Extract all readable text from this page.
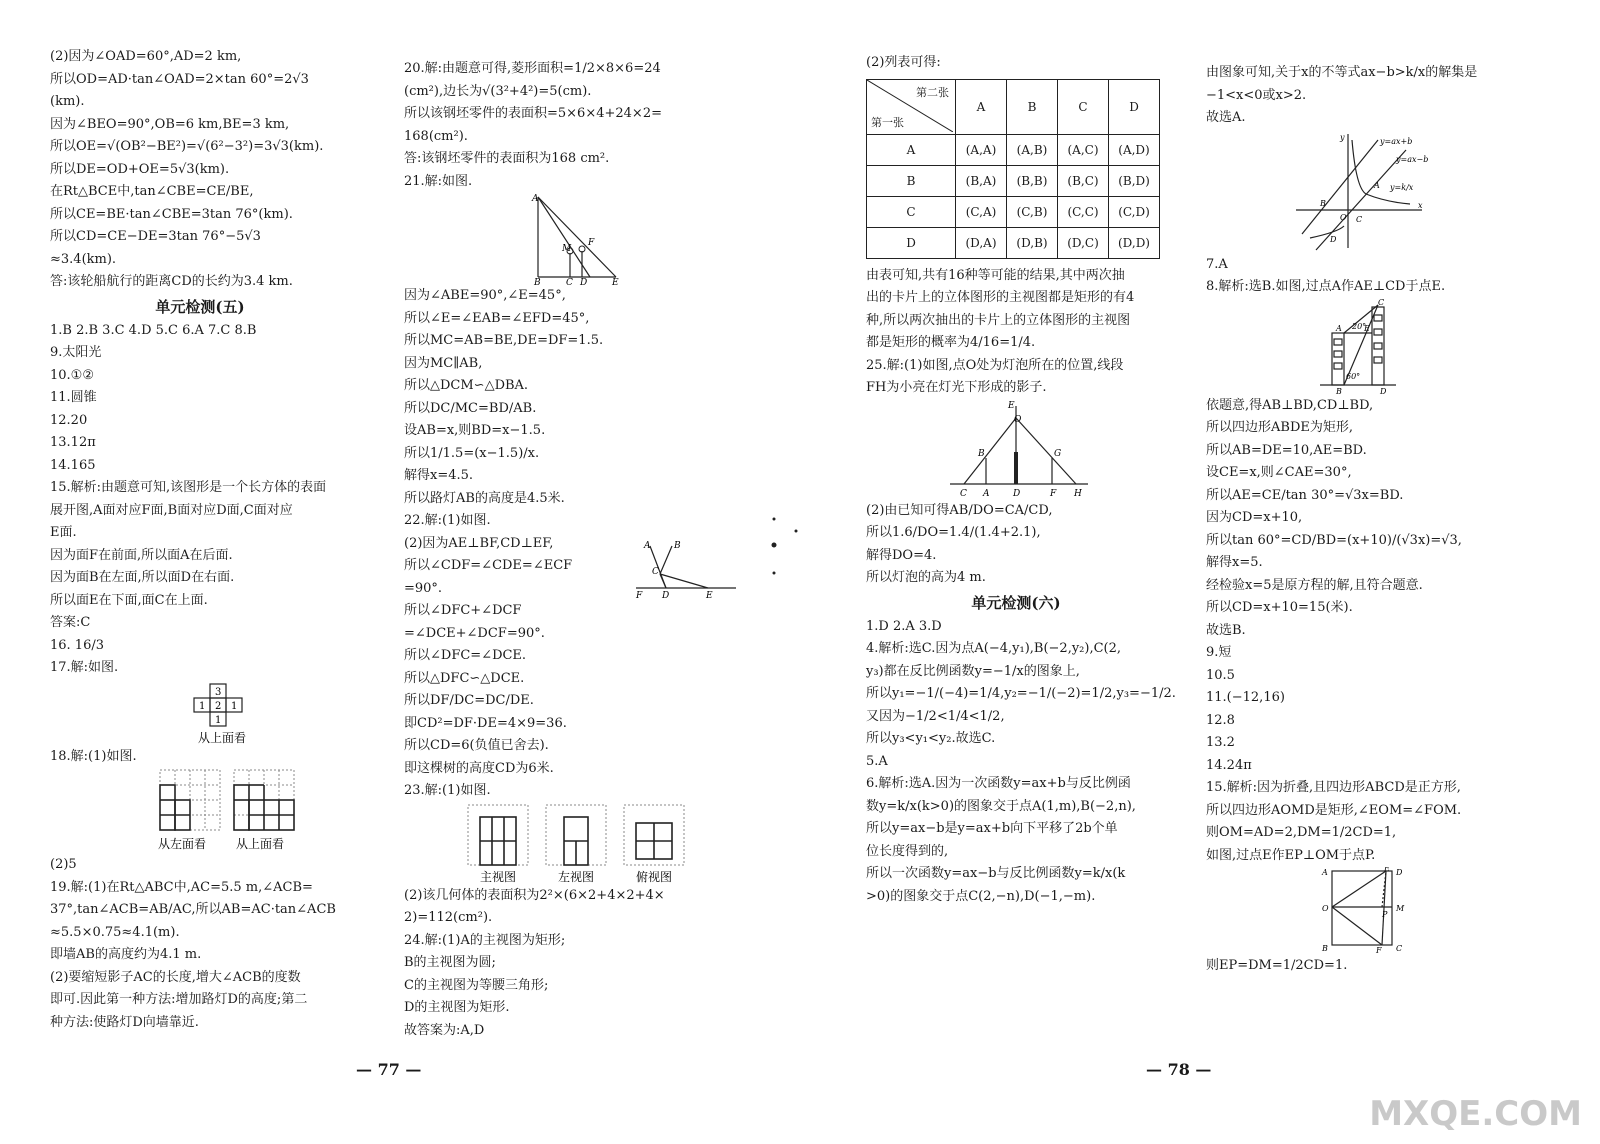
(2)因为∠OAD=60°,AD=2 km,
所以OD=AD·tan∠OAD=2×tan 60°=2√3
(km).
因为∠BEO=90°,OB=6 km,BE=3 km,
所以OE=√(OB²−BE²)=√(6²−3²)=3√3(km).
所以DE=OD+OE=5√3(km).
在Rt△BCE中,tan∠CBE=CE/BE,
所以CE=BE·tan∠CBE=3tan 76°(km).
所以CD=CE−DE=3tan 76°−5√3
≈3.4(km).
答:该轮船航行的距离CD的长约为3.4 km.
单元检测(五)
1.B 2.B 3.C 4.D 5.C 6.A 7.C 8.B
9.太阳光
10.①②
11.圆锥
12.20
13.12π
14.165
15.解析:由题意可知,该图形是一个长方体的表面
展开图,A面对应F面,B面对应D面,C面对应
E面.
因为面F在前面,所以面A在后面.
因为面B在左面,所以面D在右面.
所以面E在下面,面C在上面.
答案:C
16. 16/3
17.解:如图.
3
1 2 1
1
从上面看
18.解:(1)如图.
从左面看 从上面看
(2)5
19.解:(1)在Rt△ABC中,AC=5.5 m,∠ACB=
37°,tan∠ACB=AB/AC,所以AB=AC·tan∠ACB
≈5.5×0.75≈4.1(m).
即墙AB的高度约为4.1 m.
(2)要缩短影子AC的长度,增大∠ACB的度数
即可.因此第一种方法:增加路灯D的高度;第二
种方法:使路灯D向墙靠近.
20.解:由题意可得,菱形面积=1/2×8×6=24
(cm²),边长为√(3²+4²)=5(cm).
所以该钢坯零件的表面积=5×6×4+24×2=
168(cm²).
答:该钢坯零件的表面积为168 cm².
21.解:如图.
A
B	C D	E
M
F
因为∠ABE=90°,∠E=45°,
所以∠E=∠EAB=∠EFD=45°,
所以MC=AB=BE,DE=DF=1.5.
因为MC∥AB,
所以△DCM∽△DBA.
所以DC/MC=BD/AB.
设AB=x,则BD=x−1.5.
所以1/1.5=(x−1.5)/x.
解得x=4.5.
所以路灯AB的高度是4.5米.
22.解:(1)如图.
(2)因为AE⊥BF,CD⊥EF,
所以∠CDF=∠CDE=∠ECF
=90°.
所以∠DFC+∠DCF
=∠DCE+∠DCF=90°.
所以∠DFC=∠DCE.
所以△DFC∽△DCE.
所以DF/DC=DC/DE.
即CD²=DF·DE=4×9=36.
所以CD=6(负值已舍去).
即这棵树的高度CD为6米.
23.解:(1)如图.
主视图	左视图	俯视图
(2)该几何体的表面积为2²×(6×2+4×2+4×
2)=112(cm²).
24.解:(1)A的主视图为矩形;
B的主视图为圆;
C的主视图为等腰三角形;
D的主视图为矩形.
故答案为:A,D
A	B
C
F D	E
— 77 —
(2)列表可得:
第二张
第一张	A	B	C	D
A	(A,A)	(A,B)	(A,C)	(A,D)
B	(B,A)	(B,B)	(B,C)	(B,D)
C	(C,A)	(C,B)	(C,C)	(C,D)
D	(D,A)	(D,B)	(D,C)	(D,D)
由表可知,共有16种等可能的结果,其中两次抽
出的卡片上的立体图形的主视图都是矩形的有4
种,所以两次抽出的卡片上的立体图形的主视图
都是矩形的概率为4/16=1/4.
25.解:(1)如图,点O处为灯泡所在的位置,线段
FH为小亮在灯光下形成的影子.
E
O
B	G
C A	D	F H
(2)由已知可得AB/DO=CA/CD,
所以1.6/DO=1.4/(1.4+2.1),
解得DO=4.
所以灯泡的高为4 m.
单元检测(六)
1.D 2.A 3.D
4.解析:选C.因为点A(−4,y₁),B(−2,y₂),C(2,
y₃)都在反比例函数y=−1/x的图象上,
所以y₁=−1/(−4)=1/4,y₂=−1/(−2)=1/2,y₃=−1/2.
又因为−1/2<1/4<1/2,
所以y₃<y₁<y₂.故选C.
5.A
6.解析:选A.因为一次函数y=ax+b与反比例函
数y=k/x(k>0)的图象交于点A(1,m),B(−2,n),
所以y=ax−b是y=ax+b向下平移了2b个单
位长度得到的,
所以一次函数y=ax−b与反比例函数y=k/x(k
>0)的图象交于点C(2,−n),D(−1,−m).
由图象可知,关于x的不等式ax−b>k/x的解集是
−1<x<0或x>2.
故选A.
y	y=ax+b
y=ax−b
y=k/x
A
B
O C
D
x
7.A
8.解析:选B.如图,过点A作AE⊥CD于点E.
C
A	E
20°
60°
B	D
依题意,得AB⊥BD,CD⊥BD,
所以四边形ABDE为矩形,
所以AB=DE=10,AE=BD.
设CE=x,则∠CAE=30°,
所以AE=CE/tan 30°=√3x=BD.
因为CD=x+10,
所以tan 60°=CD/BD=(x+10)/(√3x)=√3,
解得x=5.
经检验x=5是原方程的解,且符合题意.
所以CD=x+10=15(米).
故选B.
9.短
10.5
11.(−12,16)
12.8
13.2
14.24π
15.解析:因为折叠,且四边形ABCD是正方形,
所以四边形AOMD是矩形,∠EOM=∠FOM.
则OM=AD=2,DM=1/2CD=1,
如图,过点E作EP⊥OM于点P.
A	E D
O	M
P
B	F C
则EP=DM=1/2CD=1.
— 78 —
MXQE.COM
